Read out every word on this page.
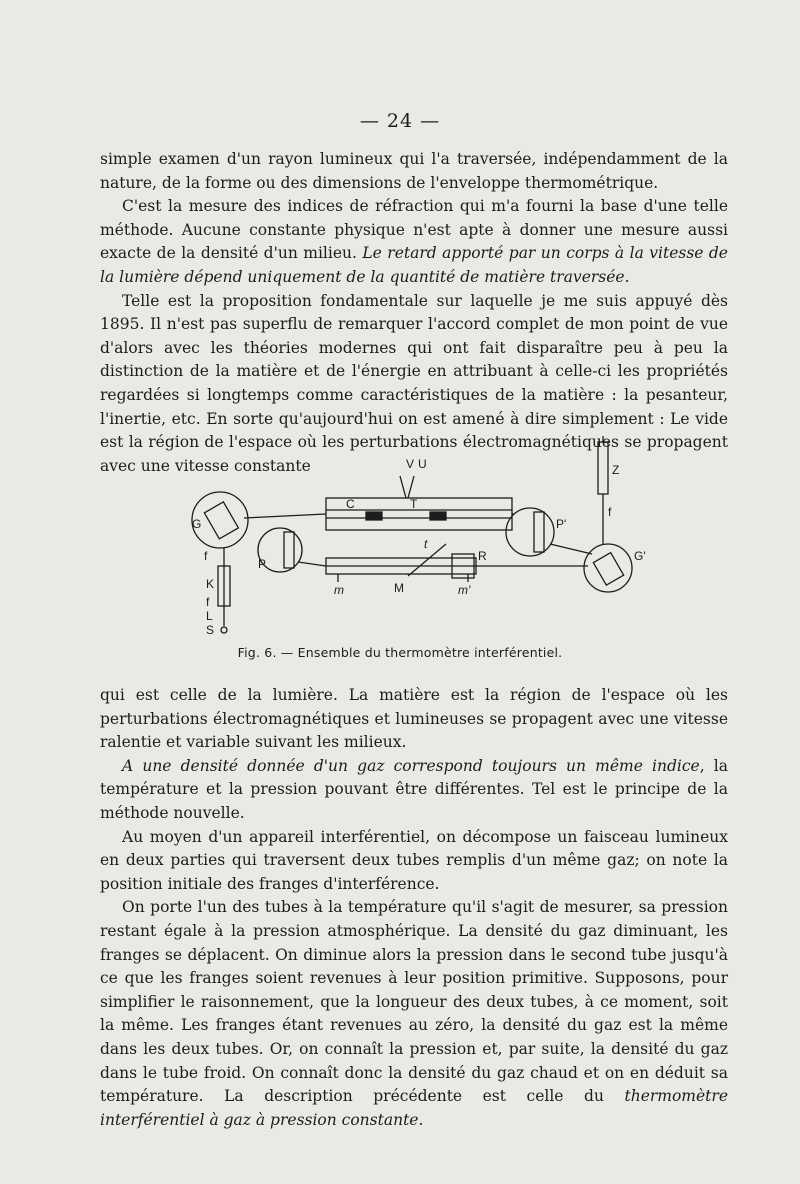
— 24 —

simple examen d'un rayon lumineux qui l'a traversée, indépendamment de la nature, de la forme ou des dimensions de l'enveloppe thermométrique.

C'est la mesure des indices de réfraction qui m'a fourni la base d'une telle méthode. Aucune constante physique n'est apte à donner une mesure aussi exacte de la densité d'un milieu. Le retard apporté par un corps à la vitesse de la lumière dépend uniquement de la quantité de matière traversée.

Telle est la proposition fondamentale sur laquelle je me suis appuyé dès 1895. Il n'est pas superflu de remarquer l'accord complet de mon point de vue d'alors avec les théories modernes qui ont fait disparaître peu à peu la distinction de la matière et de l'énergie en attribuant à celle-ci les propriétés regardées si longtemps comme caractéristiques de la matière : la pesanteur, l'inertie, etc. En sorte qu'aujourd'hui on est amené à dire simplement : Le vide est la région de l'espace où les perturbations électromagnétiques se propagent avec une vitesse constante	V U	Z
C	T
G
f
f
K
f
L
S
P
P'
G'
R
M
m	m'
t
Fig. 6. — Ensemble du thermomètre interférentiel.

qui est celle de la lumière. La matière est la région de l'espace où les perturbations électromagnétiques et lumineuses se propagent avec une vitesse ralentie et variable suivant les milieux.

A une densité donnée d'un gaz correspond toujours un même indice, la température et la pression pouvant être différentes. Tel est le principe de la méthode nouvelle.

Au moyen d'un appareil interférentiel, on décompose un faisceau lumineux en deux parties qui traversent deux tubes remplis d'un même gaz; on note la position initiale des franges d'interférence.

On porte l'un des tubes à la température qu'il s'agit de mesurer, sa pression restant égale à la pression atmosphérique. La densité du gaz diminuant, les franges se déplacent. On diminue alors la pression dans le second tube jusqu'à ce que les franges soient revenues à leur position primitive. Supposons, pour simplifier le raisonnement, que la longueur des deux tubes, à ce moment, soit la même. Les franges étant revenues au zéro, la densité du gaz est la même dans les deux tubes. Or, on connaît la pression et, par suite, la densité du gaz dans le tube froid. On connaît donc la densité du gaz chaud et on en déduit sa température. La description précédente est celle du thermomètre interférentiel à gaz à pression constante.
